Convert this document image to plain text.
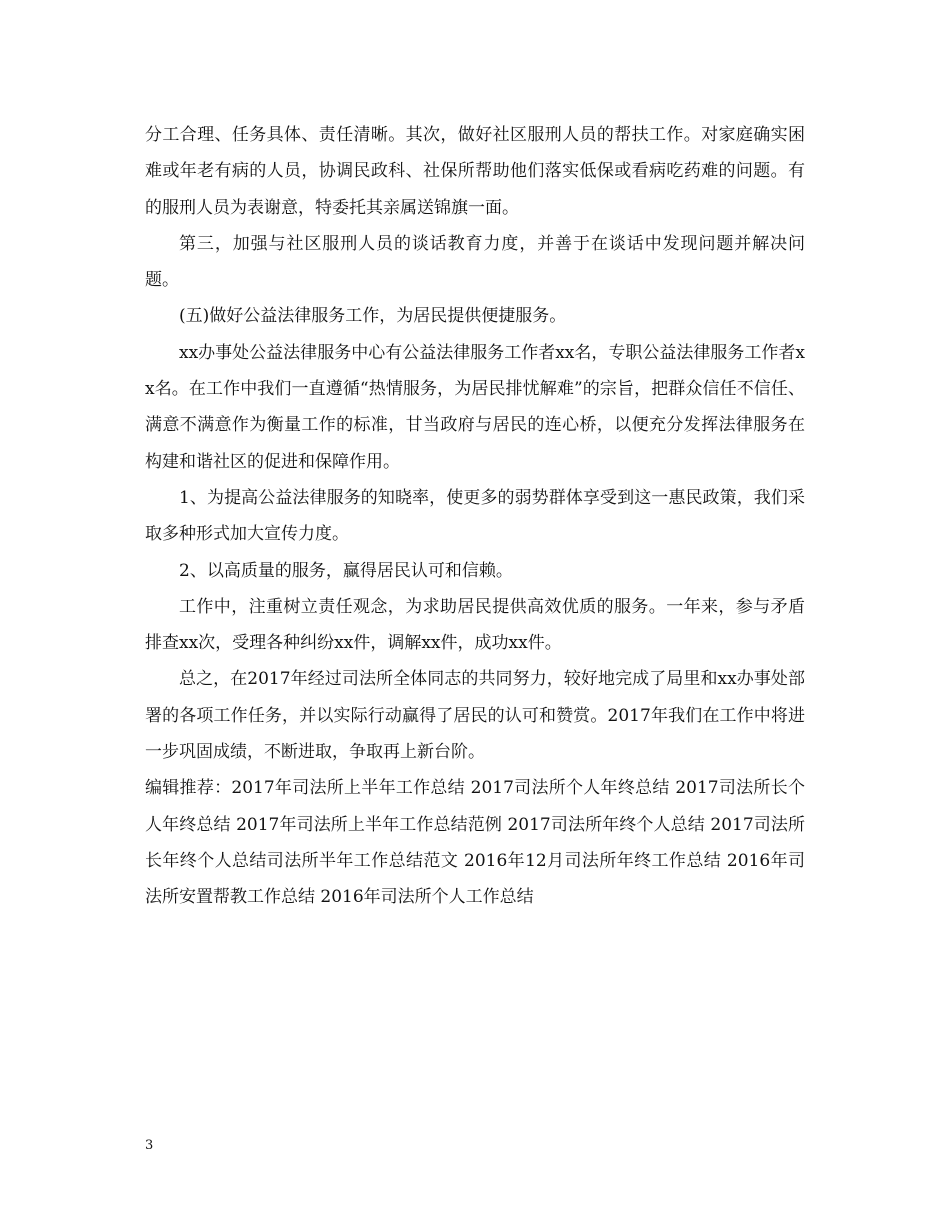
分工合理、任务具体、责任清晰。其次，做好社区服刑人员的帮扶工作。对家庭确实困难或年老有病的人员，协调民政科、社保所帮助他们落实低保或看病吃药难的问题。有的服刑人员为表谢意，特委托其亲属送锦旗一面。

第三，加强与社区服刑人员的谈话教育力度，并善于在谈话中发现问题并解决问题。

(五)做好公益法律服务工作，为居民提供便捷服务。

xx办事处公益法律服务中心有公益法律服务工作者xx名，专职公益法律服务工作者xx名。在工作中我们一直遵循“热情服务，为居民排忧解难”的宗旨，把群众信任不信任、满意不满意作为衡量工作的标准，甘当政府与居民的连心桥，以便充分发挥法律服务在构建和谐社区的促进和保障作用。

1、为提高公益法律服务的知晓率，使更多的弱势群体享受到这一惠民政策，我们采取多种形式加大宣传力度。

2、以高质量的服务，赢得居民认可和信赖。

工作中，注重树立责任观念，为求助居民提供高效优质的服务。一年来，参与矛盾排查xx次，受理各种纠纷xx件，调解xx件，成功xx件。

总之，在2017年经过司法所全体同志的共同努力，较好地完成了局里和xx办事处部署的各项工作任务，并以实际行动赢得了居民的认可和赞赏。2017年我们在工作中将进一步巩固成绩，不断进取，争取再上新台阶。

编辑推荐：2017年司法所上半年工作总结 2017司法所个人年终总结 2017司法所长个人年终总结 2017年司法所上半年工作总结范例 2017司法所年终个人总结 2017司法所长年终个人总结司法所半年工作总结范文 2016年12月司法所年终工作总结 2016年司法所安置帮教工作总结 2016年司法所个人工作总结

3
